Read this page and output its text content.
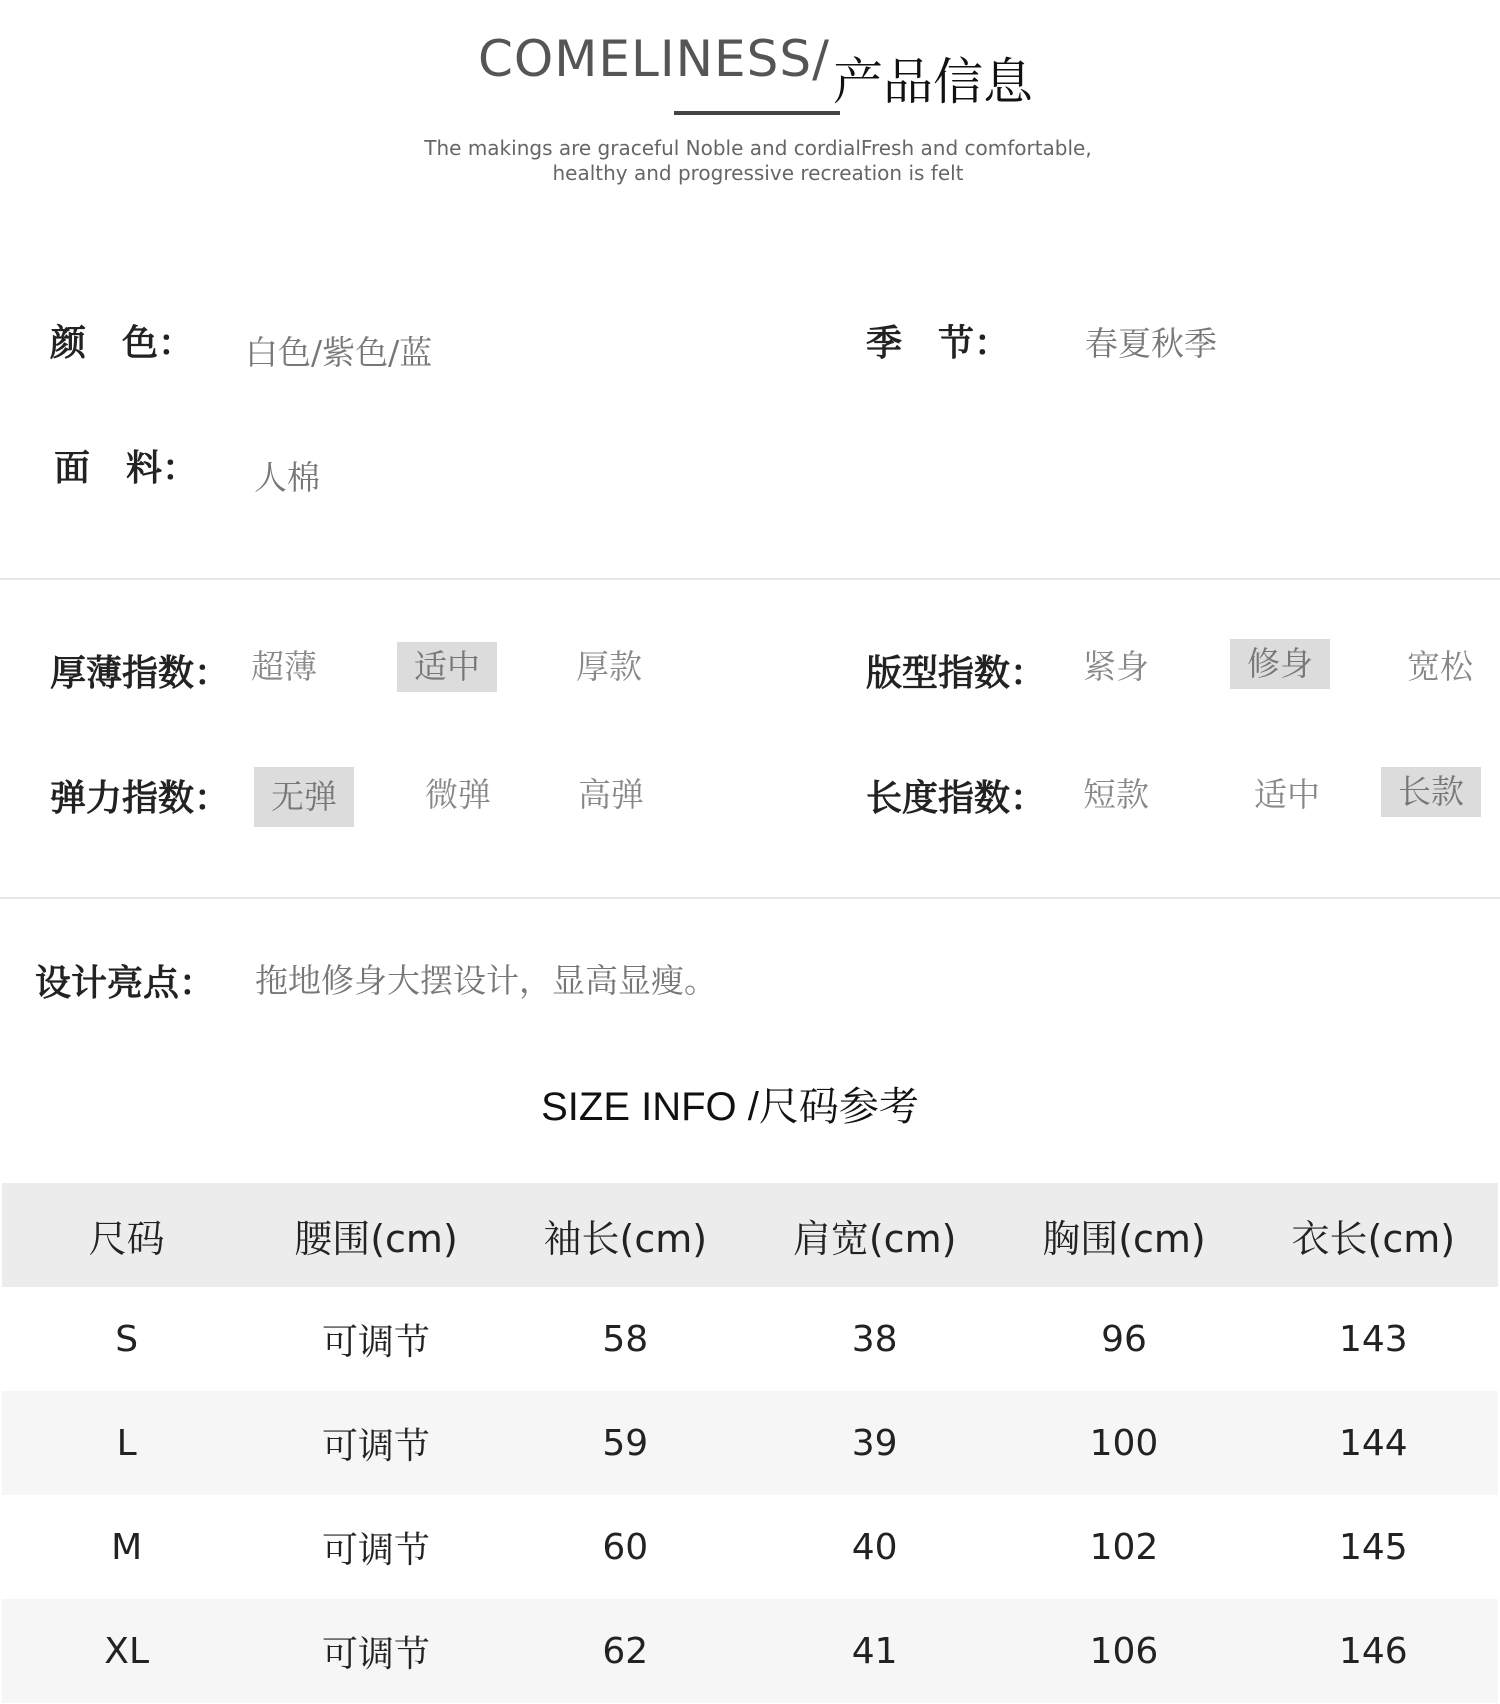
COMELINESS/ 产品信息
The makings are graceful Noble and cordialFresh and comfortable,
healthy and progressive recreation is felt
颜　色： 白色/紫色/蓝	季　节： 春夏秋季
面　料： 人棉
厚薄指数： 超薄	适中	厚款	版型指数：	紧身	修身	宽松
弹力指数：	无弹	微弹	高弹	长度指数：	短款	适中	长款
设计亮点： 拖地修身大摆设计，显高显瘦。
SIZE INFO /尺码参考
尺码	腰围(cm)	袖长(cm)	肩宽(cm)	胸围(cm)	衣长(cm)
S	可调节	58	38	96	143
L	可调节	59	39	100	144
M	可调节	60	40	102	145
XL	可调节	62	41	106	146
